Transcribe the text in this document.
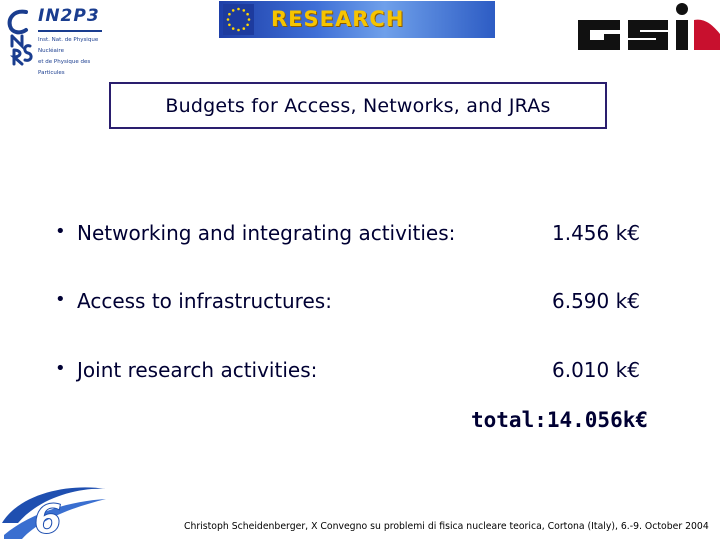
IN2P3
Inst. Nat. de Physique Nucléaire
et de Physique des Particules
RESEARCH
Budgets for Access, Networks, and JRAs
• Networking and integrating activities:	1.456 k€
• Access to infrastructures:	6.590 k€
• Joint research activities:	6.010 k€
total:14.056k€
6	Christoph Scheidenberger, X Convegno su problemi di fisica nucleare teorica, Cortona (Italy), 6.-9. October 2004
